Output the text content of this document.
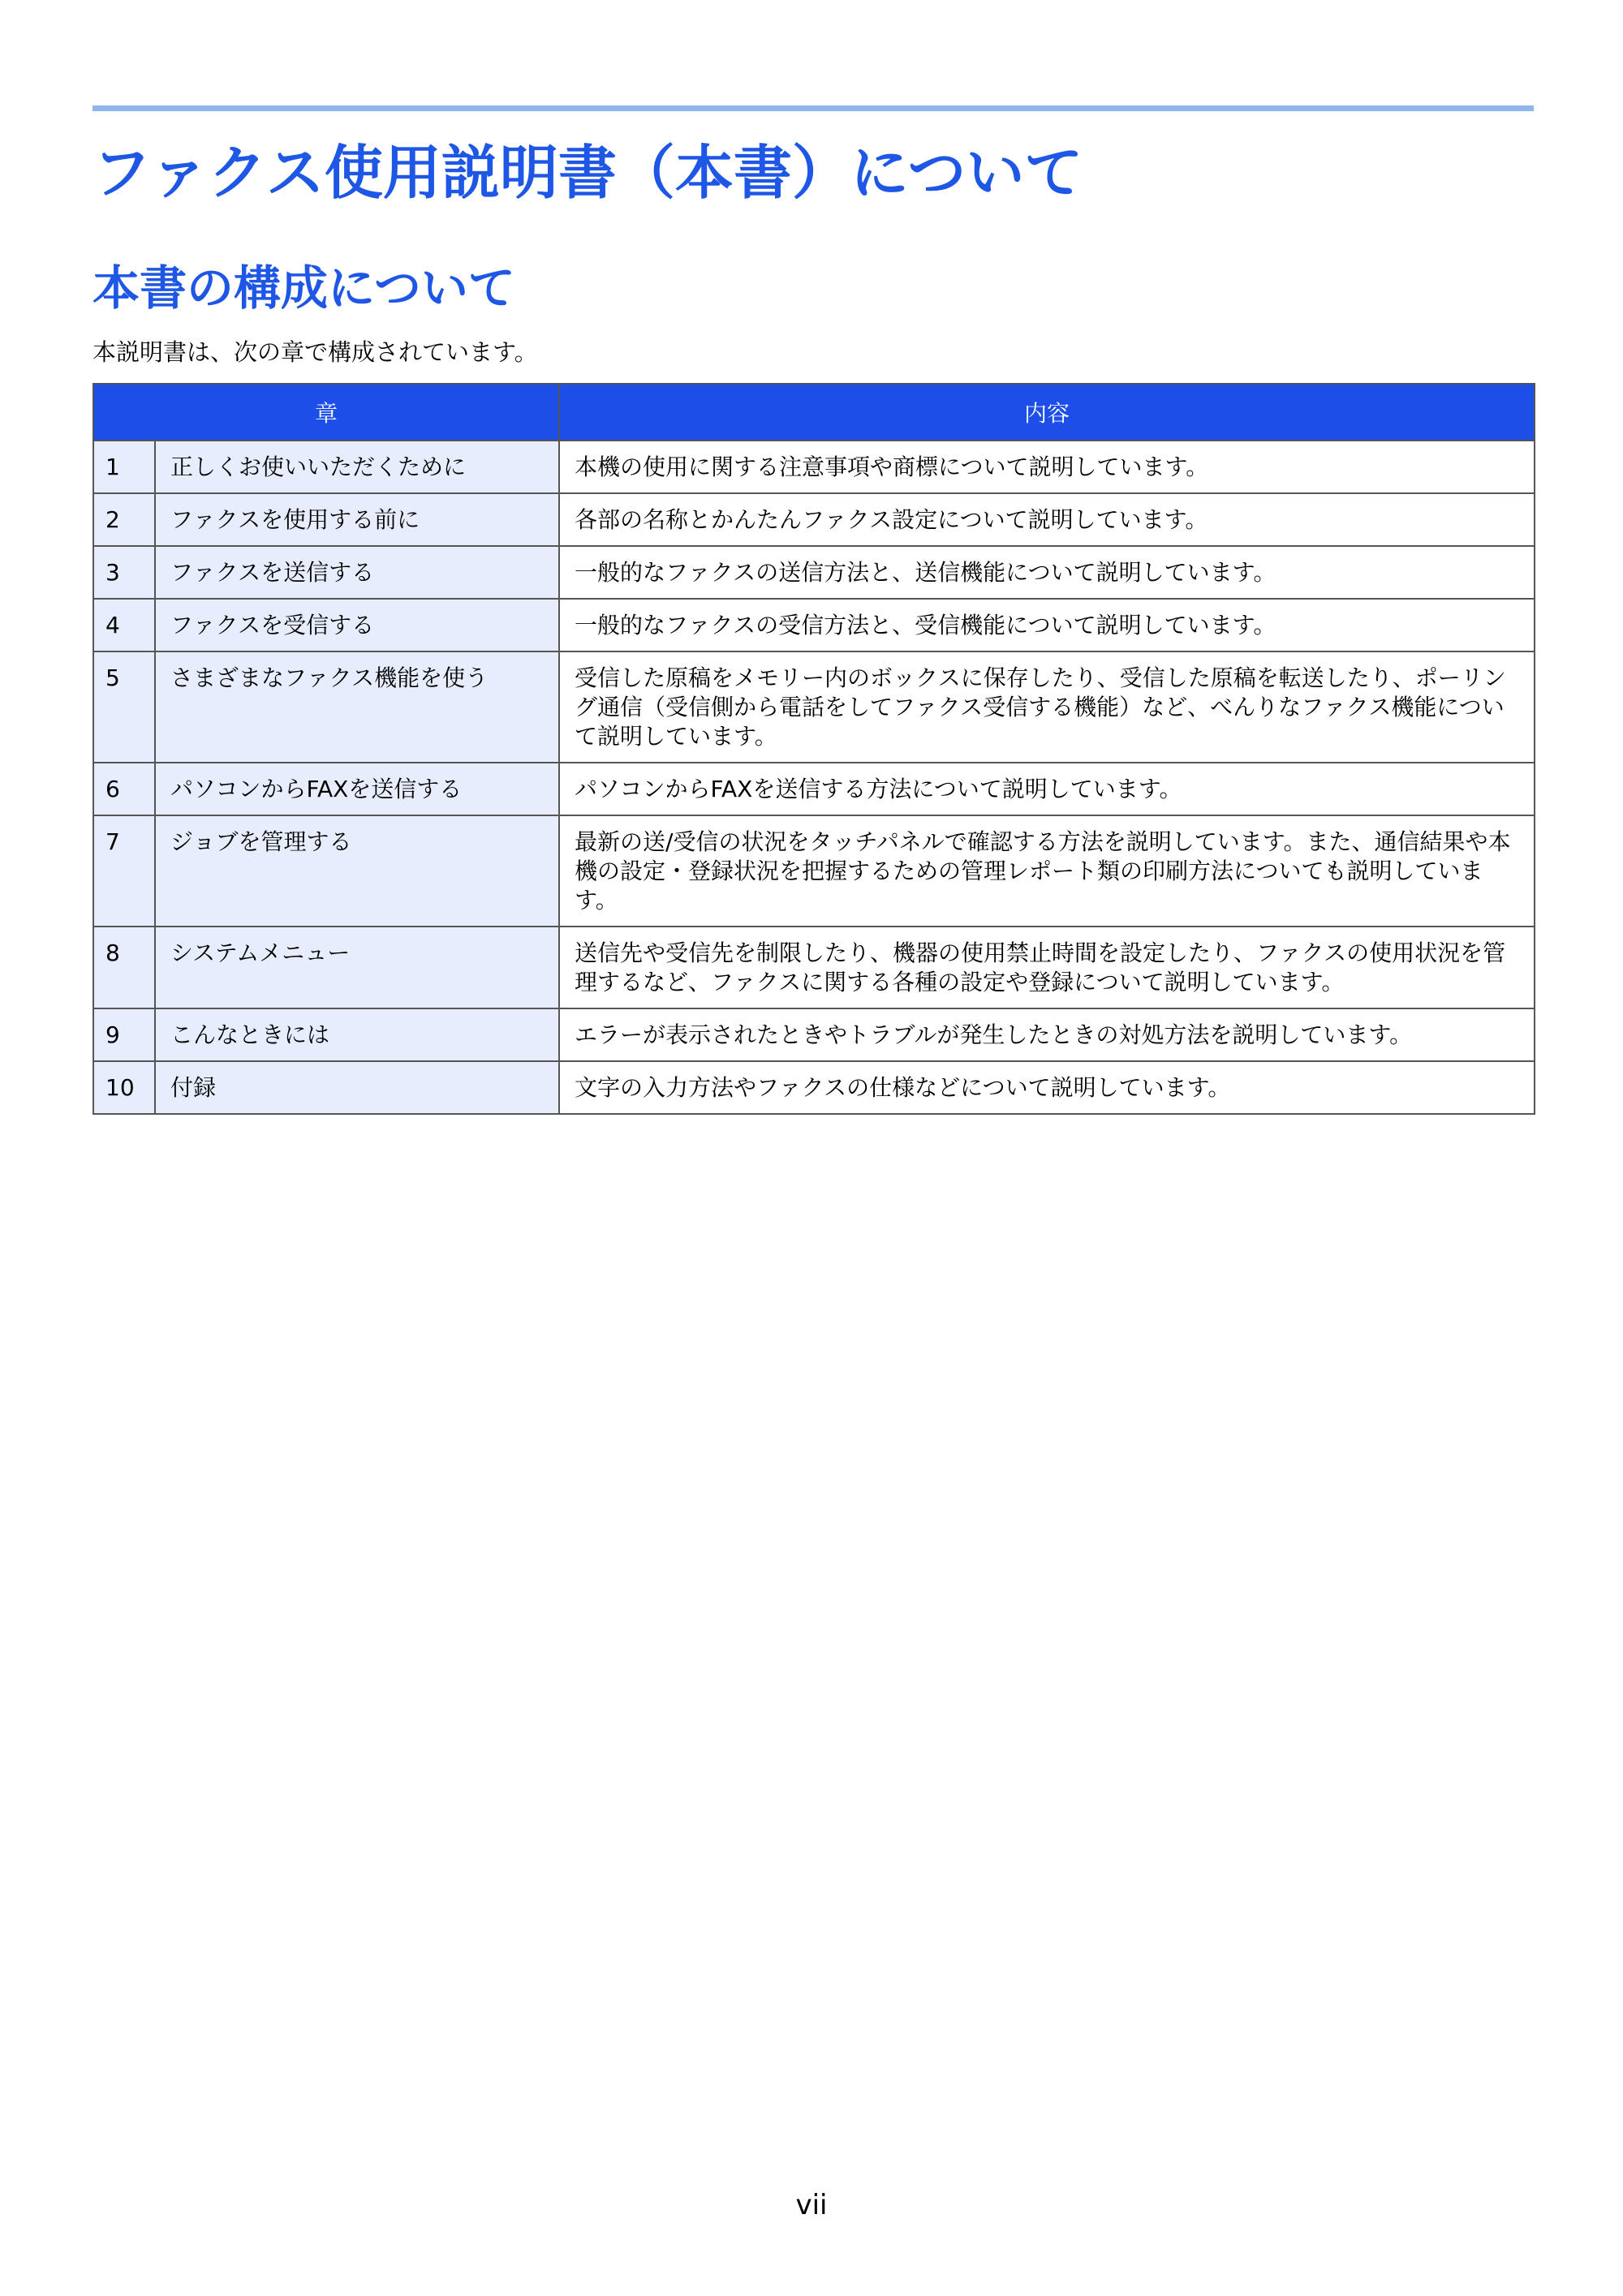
ファクス使用説明書（本書）について
本書の構成について

本説明書は、次の章で構成されています。

章		内容
1	正しくお使いいただくために	本機の使用に関する注意事項や商標について説明しています。
2	ファクスを使用する前に	各部の名称とかんたんファクス設定について説明しています。
3	ファクスを送信する	一般的なファクスの送信方法と、送信機能について説明しています。
4	ファクスを受信する	一般的なファクスの受信方法と、受信機能について説明しています。
5	さまざまなファクス機能を使う	受信した原稿をメモリー内のボックスに保存したり、受信した原稿を転送したり、ポーリング通信（受信側から電話をしてファクス受信する機能）など、べんりなファクス機能について説明しています。
6	パソコンからFAXを送信する	パソコンからFAXを送信する方法について説明しています。
7	ジョブを管理する	最新の送/受信の状況をタッチパネルで確認する方法を説明しています。また、通信結果や本機の設定・登録状況を把握するための管理レポート類の印刷方法についても説明しています。
8	システムメニュー	送信先や受信先を制限したり、機器の使用禁止時間を設定したり、ファクスの使用状況を管理するなど、ファクスに関する各種の設定や登録について説明しています。
9	こんなときには	エラーが表示されたときやトラブルが発生したときの対処方法を説明しています。
10	付録	文字の入力方法やファクスの仕様などについて説明しています。
vii
